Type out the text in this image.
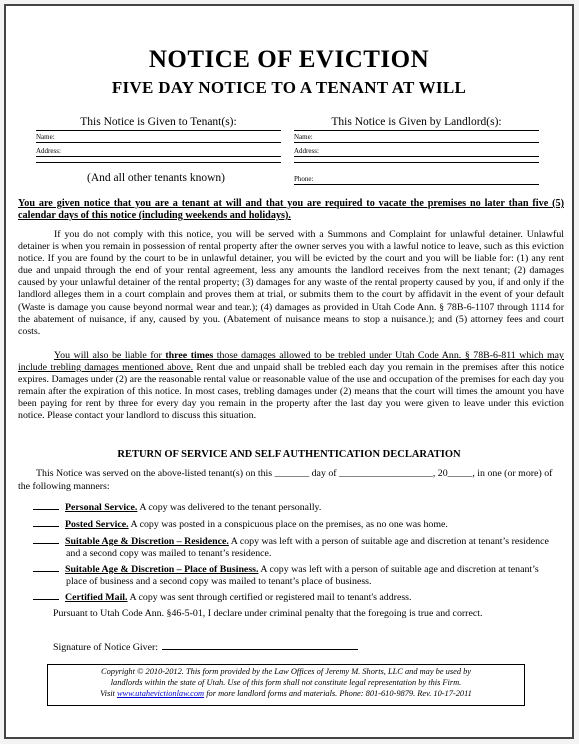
NOTICE OF EVICTION
FIVE DAY NOTICE TO A TENANT AT WILL
This Notice is Given to Tenant(s):
Name:
Address:
(And all other tenants known)
This Notice is Given by Landlord(s):
Name:
Address:
Phone:
You are given notice that you are a tenant at will and that you are required to vacate the premises no later than five (5) calendar days of this notice (including weekends and holidays).
If you do not comply with this notice, you will be served with a Summons and Complaint for unlawful detainer. Unlawful detainer is when you remain in possession of rental property after the owner serves you with a lawful notice to leave, such as this eviction notice. If you are found by the court to be in unlawful detainer, you will be evicted by the court and you will be liable for: (1) any rent due and unpaid through the end of your rental agreement, less any amounts the landlord receives from the next tenant; (2) damages caused by your unlawful detainer of the rental property; (3) damages for any waste of the rental property caused by you, if and only if the landlord alleges them in a court complain and proves them at trial, or submits them to the court by affidavit in the event of your default (Waste is damage you cause beyond normal wear and tear.); (4) damages as provided in Utah Code Ann. § 78B-6-1107 through 1114 for the abatement of nuisance, if any, caused by you. (Abatement of nuisance means to stop a nuisance.); and (5) attorney fees and court costs.
You will also be liable for three times those damages allowed to be trebled under Utah Code Ann. § 78B-6-811 which may include trebling damages mentioned above. Rent due and unpaid shall be trebled each day you remain in the premises after this notice expires. Damages under (2) are the reasonable rental value or reasonable value of the use and occupation of the premises for each day you remain after the expiration of this notice. In most cases, trebling damages under (2) means that the court will times the amount you have been paying for rent by three for every day you remain in the property after the last day you were given to leave under this eviction notice. Please contact your landlord to discuss this situation.
RETURN OF SERVICE AND SELF AUTHENTICATION DECLARATION
This Notice was served on the above-listed tenant(s) on this _______ day of ___________________, 20_____, in one (or more) of the following manners:
Personal Service. A copy was delivered to the tenant personally.
Posted Service. A copy was posted in a conspicuous place on the premises, as no one was home.
Suitable Age & Discretion – Residence. A copy was left with a person of suitable age and discretion at tenant’s residence and a second copy was mailed to tenant’s residence.
Suitable Age & Discretion – Place of Business. A copy was left with a person of suitable age and discretion at tenant’s place of business and a second copy was mailed to tenant’s place of business.
Certified Mail. A copy was sent through certified or registered mail to tenant's address.
Pursuant to Utah Code Ann. §46-5-01, I declare under criminal penalty that the foregoing is true and correct.
Signature of Notice Giver:
Copyright © 2010-2012. This form provided by the Law Offices of Jeremy M. Shorts, LLC and may be used by
landlords within the state of Utah. Use of this form shall not constitute legal representation by this Firm.
Visit www.utahevictionlaw.com for more landlord forms and materials. Phone: 801-610-9879. Rev. 10-17-2011
